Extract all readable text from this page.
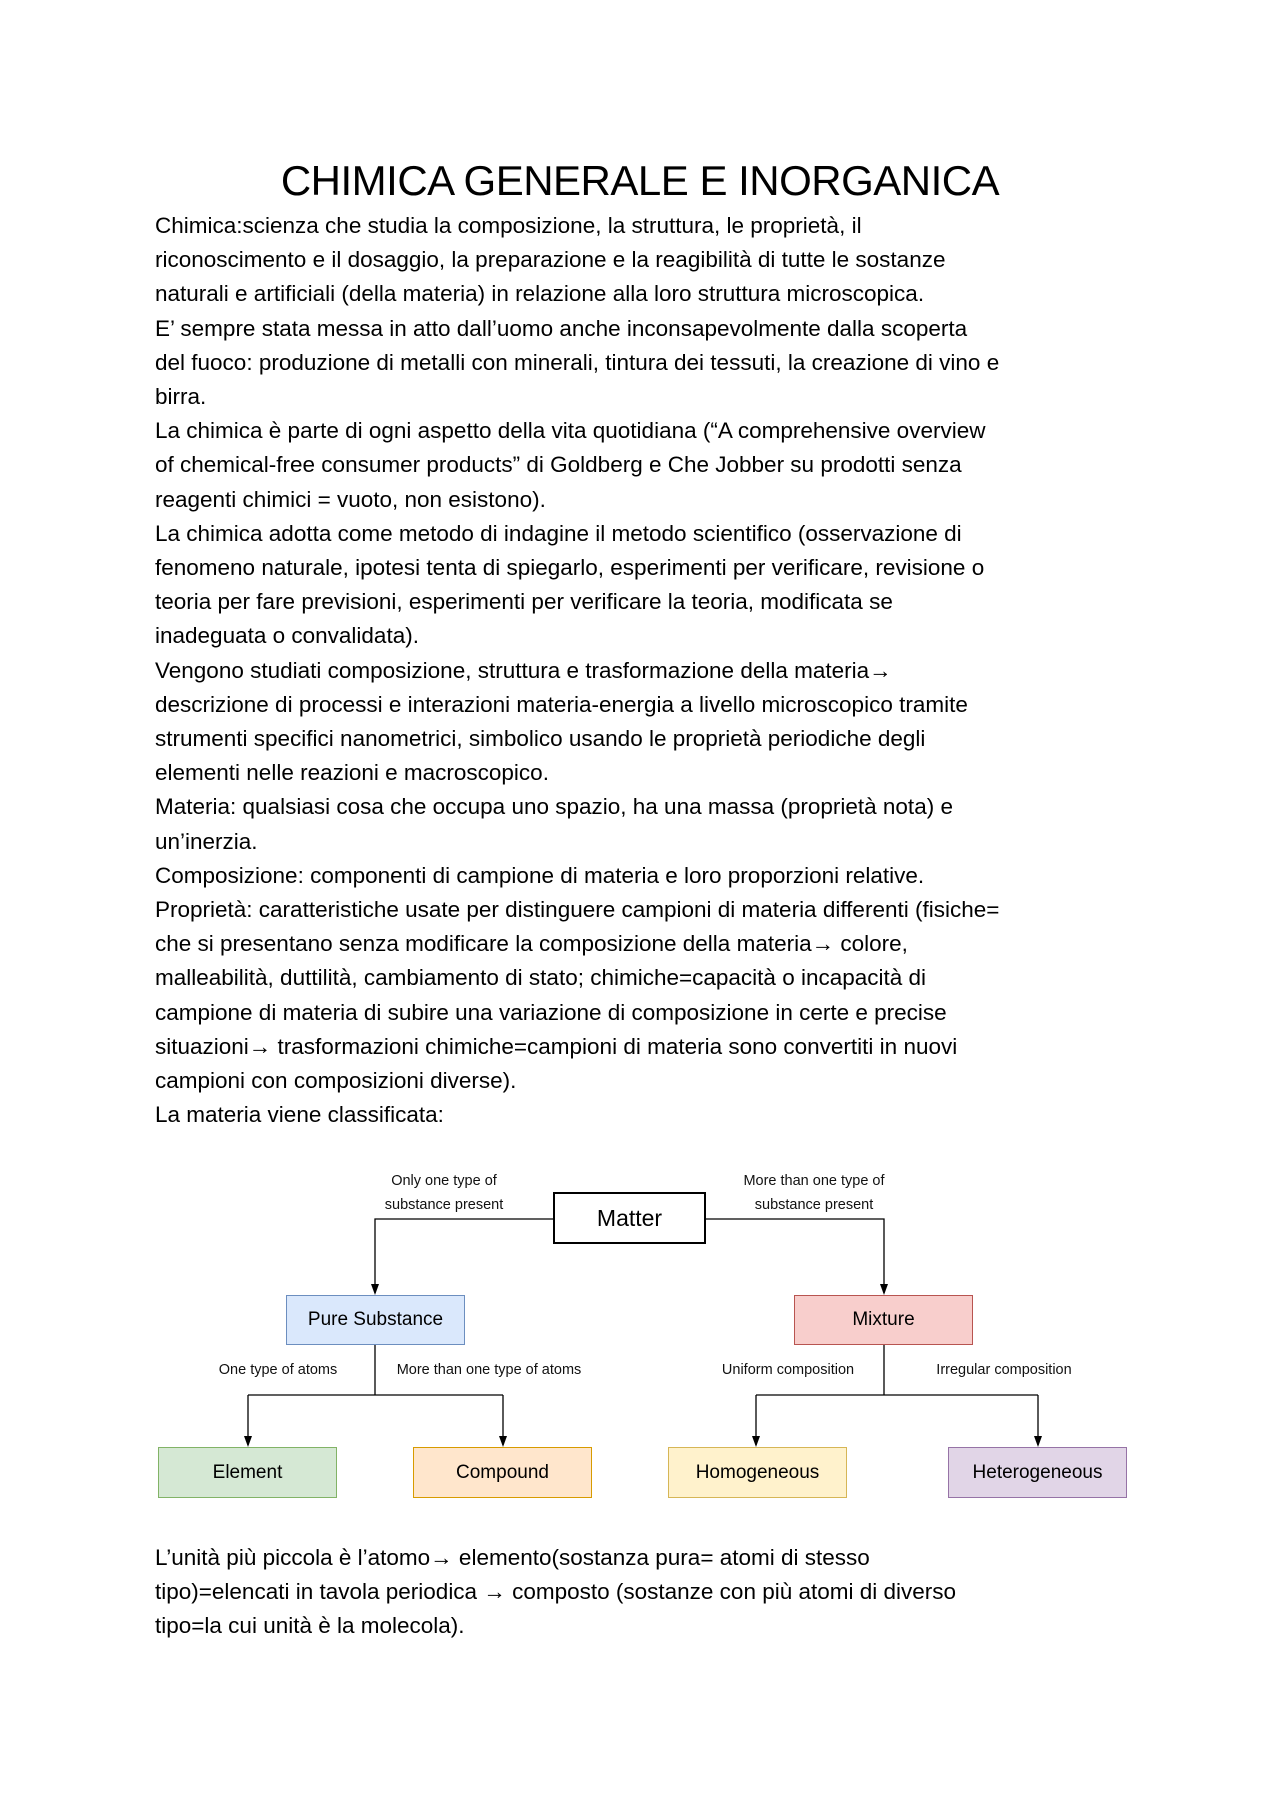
CHIMICA GENERALE E INORGANICA
Chimica:scienza che studia la composizione, la struttura, le proprietà, il
riconoscimento e il dosaggio, la preparazione e la reagibilità di tutte le sostanze
naturali e artificiali (della materia) in relazione alla loro struttura microscopica.
E’ sempre stata messa in atto dall’uomo anche inconsapevolmente dalla scoperta
del fuoco: produzione di metalli con minerali, tintura dei tessuti, la creazione di vino e
birra.
La chimica è parte di ogni aspetto della vita quotidiana (“A comprehensive overview
of chemical-free consumer products” di Goldberg e Che Jobber su prodotti senza
reagenti chimici = vuoto, non esistono).
La chimica adotta come metodo di indagine il metodo scientifico (osservazione di
fenomeno naturale, ipotesi tenta di spiegarlo, esperimenti per verificare, revisione o
teoria per fare previsioni, esperimenti per verificare la teoria, modificata se
inadeguata o convalidata).
Vengono studiati composizione, struttura e trasformazione della materia→
descrizione di processi e interazioni materia-energia a livello microscopico tramite
strumenti specifici nanometrici, simbolico usando le proprietà periodiche degli
elementi nelle reazioni e macroscopico.
Materia: qualsiasi cosa che occupa uno spazio, ha una massa (proprietà nota) e
un’inerzia.
Composizione: componenti di campione di materia e loro proporzioni relative.
Proprietà: caratteristiche usate per distinguere campioni di materia differenti (fisiche=
che si presentano senza modificare la composizione della materia→ colore,
malleabilità, duttilità, cambiamento di stato; chimiche=capacità o incapacità di
campione di materia di subire una variazione di composizione in certe e precise
situazioni→ trasformazioni chimiche=campioni di materia sono convertiti in nuovi
campioni con composizioni diverse).
La materia viene classificata:
Matter
Pure Substance	Mixture
Element	Compound	Homogeneous	Heterogeneous
Only one type of
substance present
More than one type of
substance present
One type of atoms	More than one type of atoms	Uniform composition	Irregular composition
L’unità più piccola è l’atomo→ elemento(sostanza pura= atomi di stesso
tipo)=elencati in tavola periodica → composto (sostanze con più atomi di diverso
tipo=la cui unità è la molecola).
